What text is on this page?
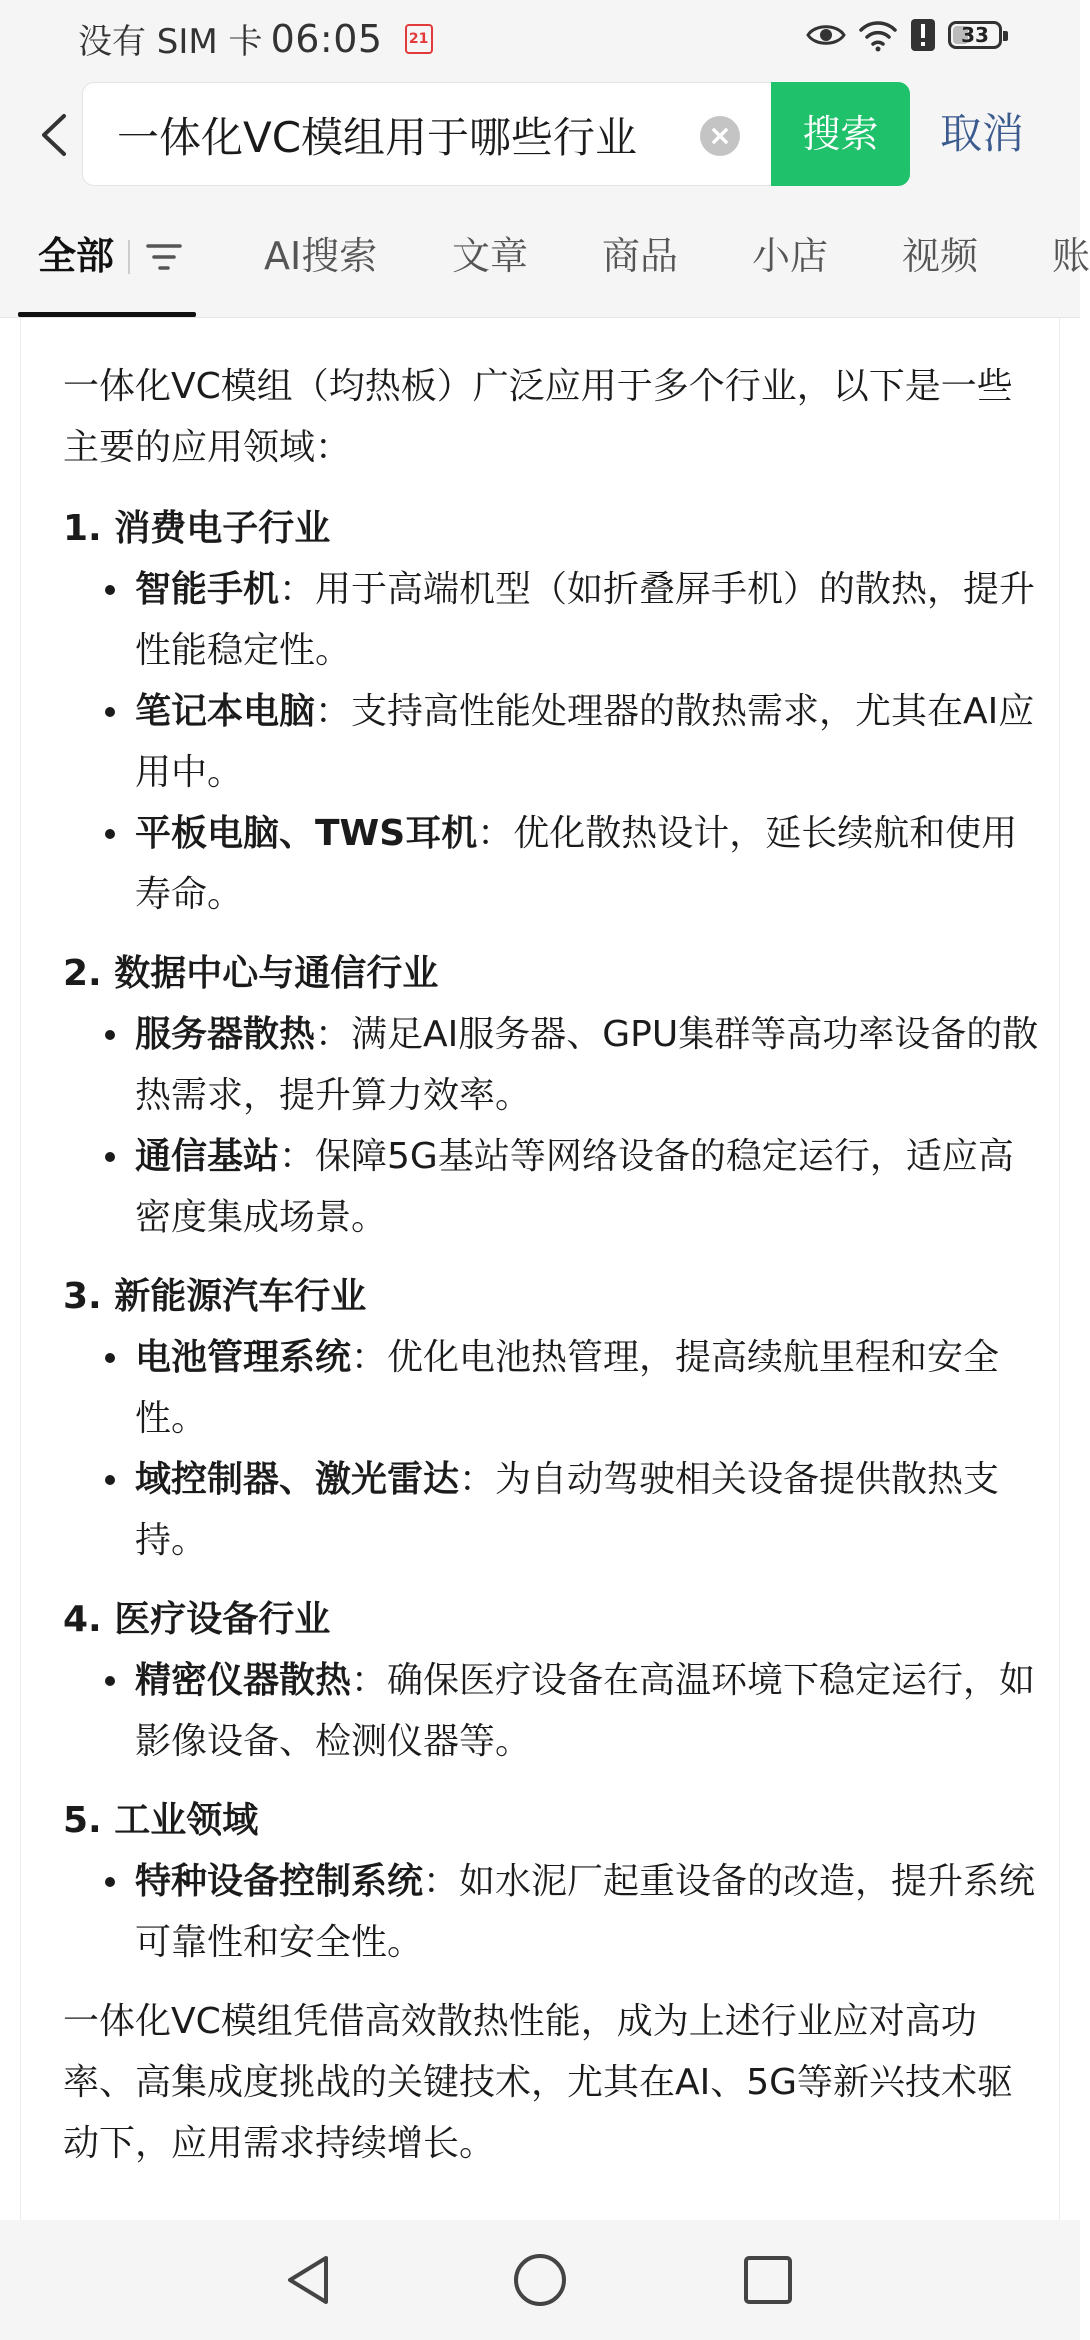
没有 SIM 卡 06:05	21	33
一体化VC模组用于哪些行业
搜索	取消
全部	AI搜索 文章 商品 小店 视频 账

一体化VC模组（均热板）广泛应用于多个行业，以下是一些主要的应用领域：

1. 消费电子行业

智能手机：用于高端机型（如折叠屏手机）的散热，提升性能稳定性。
笔记本电脑：支持高性能处理器的散热需求，尤其在AI应用中。
平板电脑、TWS耳机：优化散热设计，延长续航和使用寿命。

2. 数据中心与通信行业

服务器散热：满足AI服务器、GPU集群等高功率设备的散热需求，提升算力效率。
通信基站：保障5G基站等网络设备的稳定运行，适应高密度集成场景。

3. 新能源汽车行业

电池管理系统：优化电池热管理，提高续航里程和安全性。
域控制器、激光雷达：为自动驾驶相关设备提供散热支持。

4. 医疗设备行业

精密仪器散热：确保医疗设备在高温环境下稳定运行，如影像设备、检测仪器等。

5. 工业领域

特种设备控制系统：如水泥厂起重设备的改造，提升系统可靠性和安全性。

一体化VC模组凭借高效散热性能，成为上述行业应对高功率、高集成度挑战的关键技术，尤其在AI、5G等新兴技术驱动下，应用需求持续增长。
